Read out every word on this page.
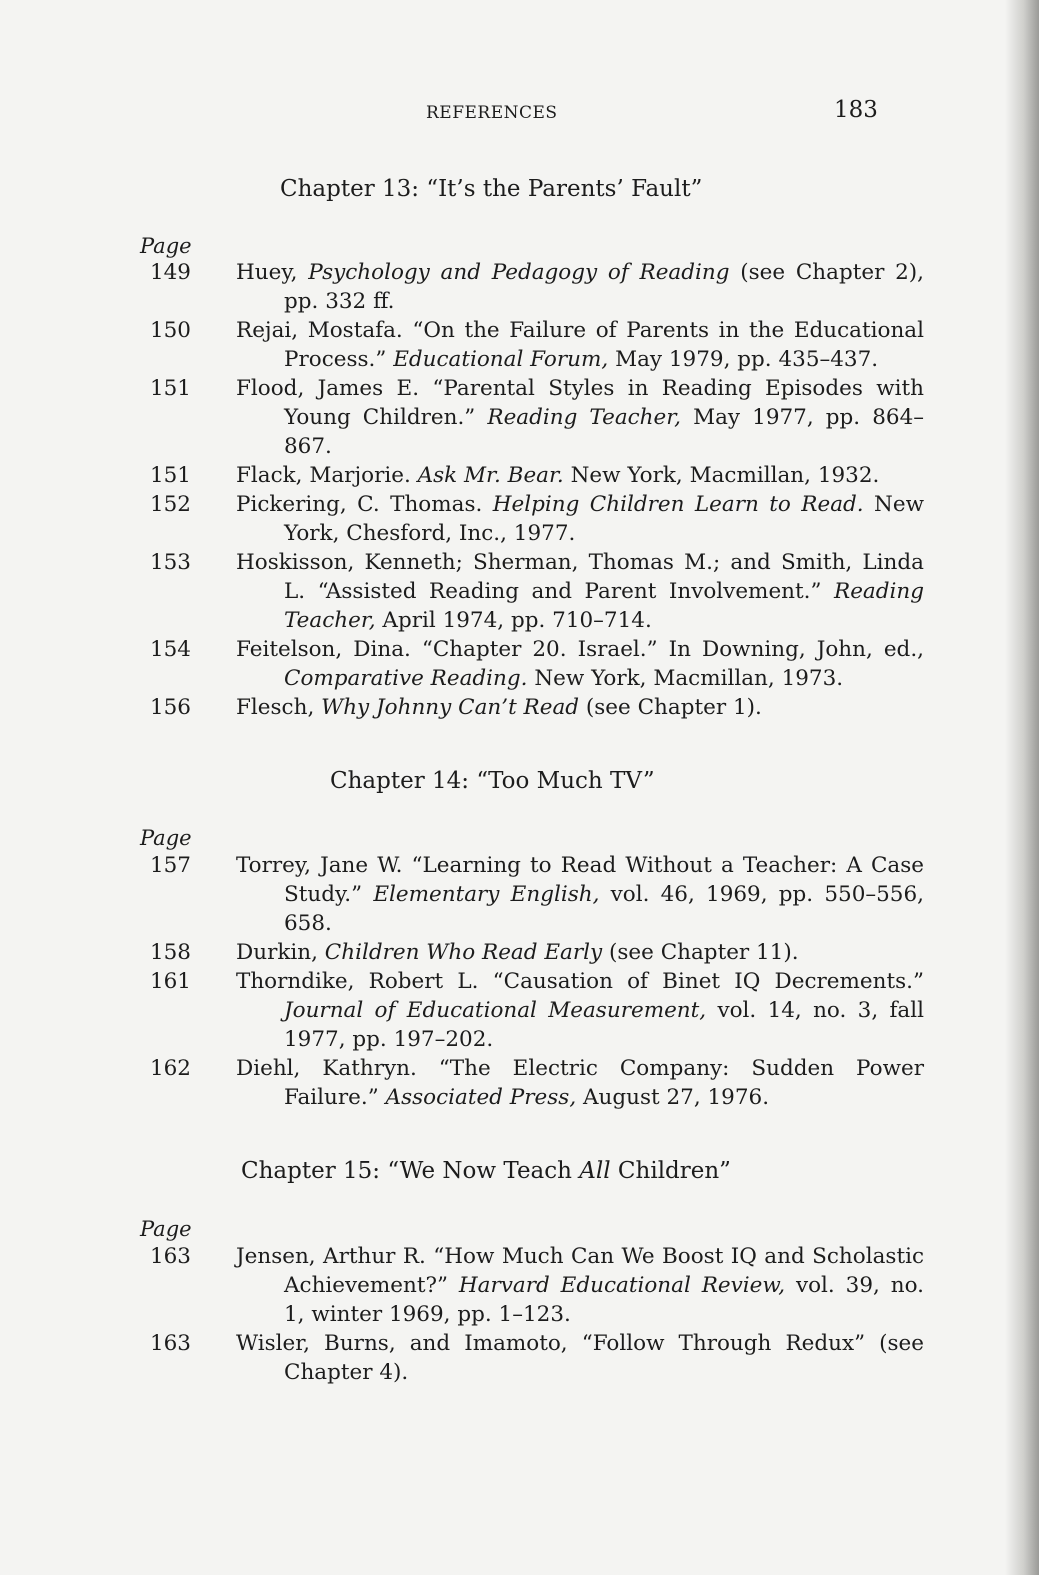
REFERENCES	183
Chapter 13: “It’s the Parents’ Fault”
Page
149 Huey, Psychology and Pedagogy of Reading (see Chapter 2), pp. 332 ff.
150 Rejai, Mostafa. “On the Failure of Parents in the Educational Process.” Educational Forum, May 1979, pp. 435–437.
151 Flood, James E. “Parental Styles in Reading Episodes with Young Children.” Reading Teacher, May 1977, pp. 864–867.
151 Flack, Marjorie. Ask Mr. Bear. New York, Macmillan, 1932.
152 Pickering, C. Thomas. Helping Children Learn to Read. New York, Chesford, Inc., 1977.
153 Hoskisson, Kenneth; Sherman, Thomas M.; and Smith, Linda L. “Assisted Reading and Parent Involvement.” Reading Teacher, April 1974, pp. 710–714.
154 Feitelson, Dina. “Chapter 20. Israel.” In Downing, John, ed., Comparative Reading. New York, Macmillan, 1973.
156 Flesch, Why Johnny Can’t Read (see Chapter 1).
Chapter 14: “Too Much TV”
Page
157 Torrey, Jane W. “Learning to Read Without a Teacher: A Case Study.” Elementary English, vol. 46, 1969, pp. 550–556, 658.
158 Durkin, Children Who Read Early (see Chapter 11).
161 Thorndike, Robert L. “Causation of Binet IQ Decrements.” Journal of Educational Measurement, vol. 14, no. 3, fall 1977, pp. 197–202.
162 Diehl, Kathryn. “The Electric Company: Sudden Power Failure.” Associated Press, August 27, 1976.
Chapter 15: “We Now Teach All Children”
Page
163 Jensen, Arthur R. “How Much Can We Boost IQ and Scholastic Achievement?” Harvard Educational Review, vol. 39, no. 1, winter 1969, pp. 1–123.
163 Wisler, Burns, and Imamoto, “Follow Through Redux” (see Chapter 4).
